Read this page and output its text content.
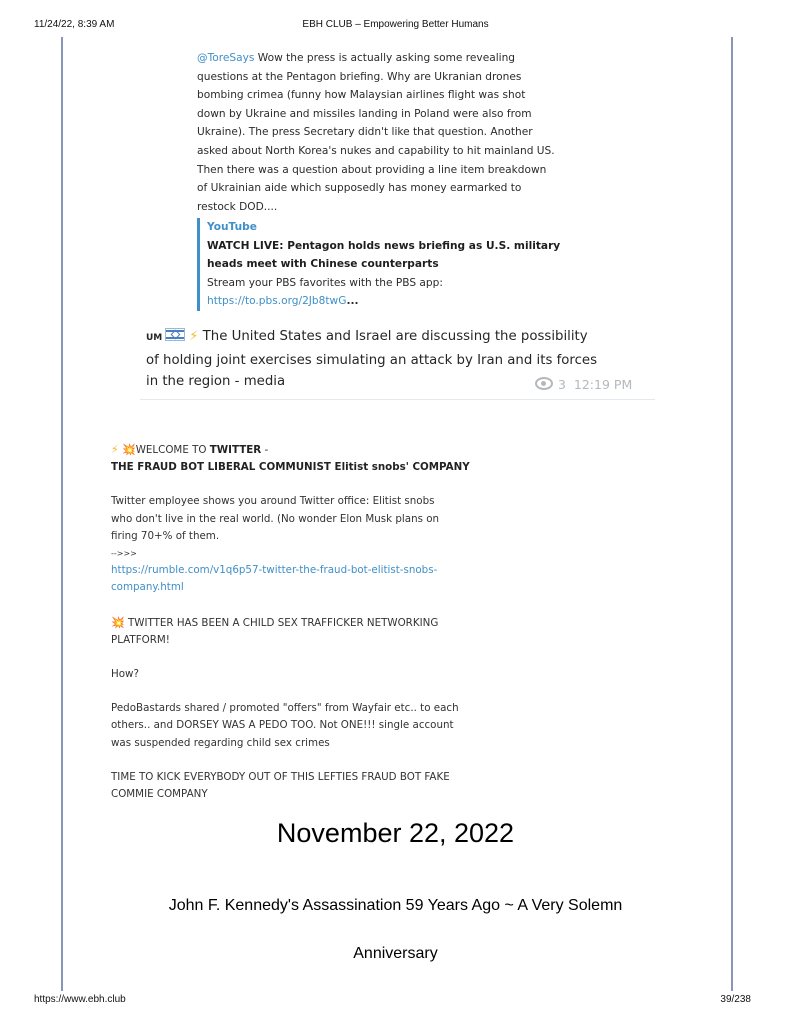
11/24/22, 8:39 AM	EBH CLUB – Empowering Better Humans
@ToreSays Wow the press is actually asking some revealing
questions at the Pentagon briefing. Why are Ukranian drones
bombing crimea (funny how Malaysian airlines flight was shot
down by Ukraine and missiles landing in Poland were also from
Ukraine). The press Secretary didn't like that question. Another
asked about North Korea's nukes and capability to hit mainland US.
Then there was a question about providing a line item breakdown
of Ukrainian aide which supposedly has money earmarked to
restock DOD....
YouTube
WATCH LIVE: Pentagon holds news briefing as U.S. military
heads meet with Chinese counterparts
Stream your PBS favorites with the PBS app:
https://to.pbs.org/2Jb8twG...
UM ⚡ The United States and Israel are discussing the possibility
of holding joint exercises simulating an attack by Iran and its forces
in the region - media	3 12:19 PM
⚡ 💥WELCOME TO TWITTER -
THE FRAUD BOT LIBERAL COMMUNIST Elitist snobs' COMPANY
Twitter employee shows you around Twitter office: Elitist snobs
who don't live in the real world. (No wonder Elon Musk plans on
firing 70+% of them.
-->>>
https://rumble.com/v1q6p57-twitter-the-fraud-bot-elitist-snobs-
company.html
💥 TWITTER HAS BEEN A CHILD SEX TRAFFICKER NETWORKING
PLATFORM!
How?
PedoBastards shared / promoted "offers" from Wayfair etc.. to each
others.. and DORSEY WAS A PEDO TOO. Not ONE!!! single account
was suspended regarding child sex crimes
TIME TO KICK EVERYBODY OUT OF THIS LEFTIES FRAUD BOT FAKE
COMMIE COMPANY
November 22, 2022
John F. Kennedy's Assassination 59 Years Ago ~ A Very Solemn
Anniversary
https://www.ebh.club	39/238
